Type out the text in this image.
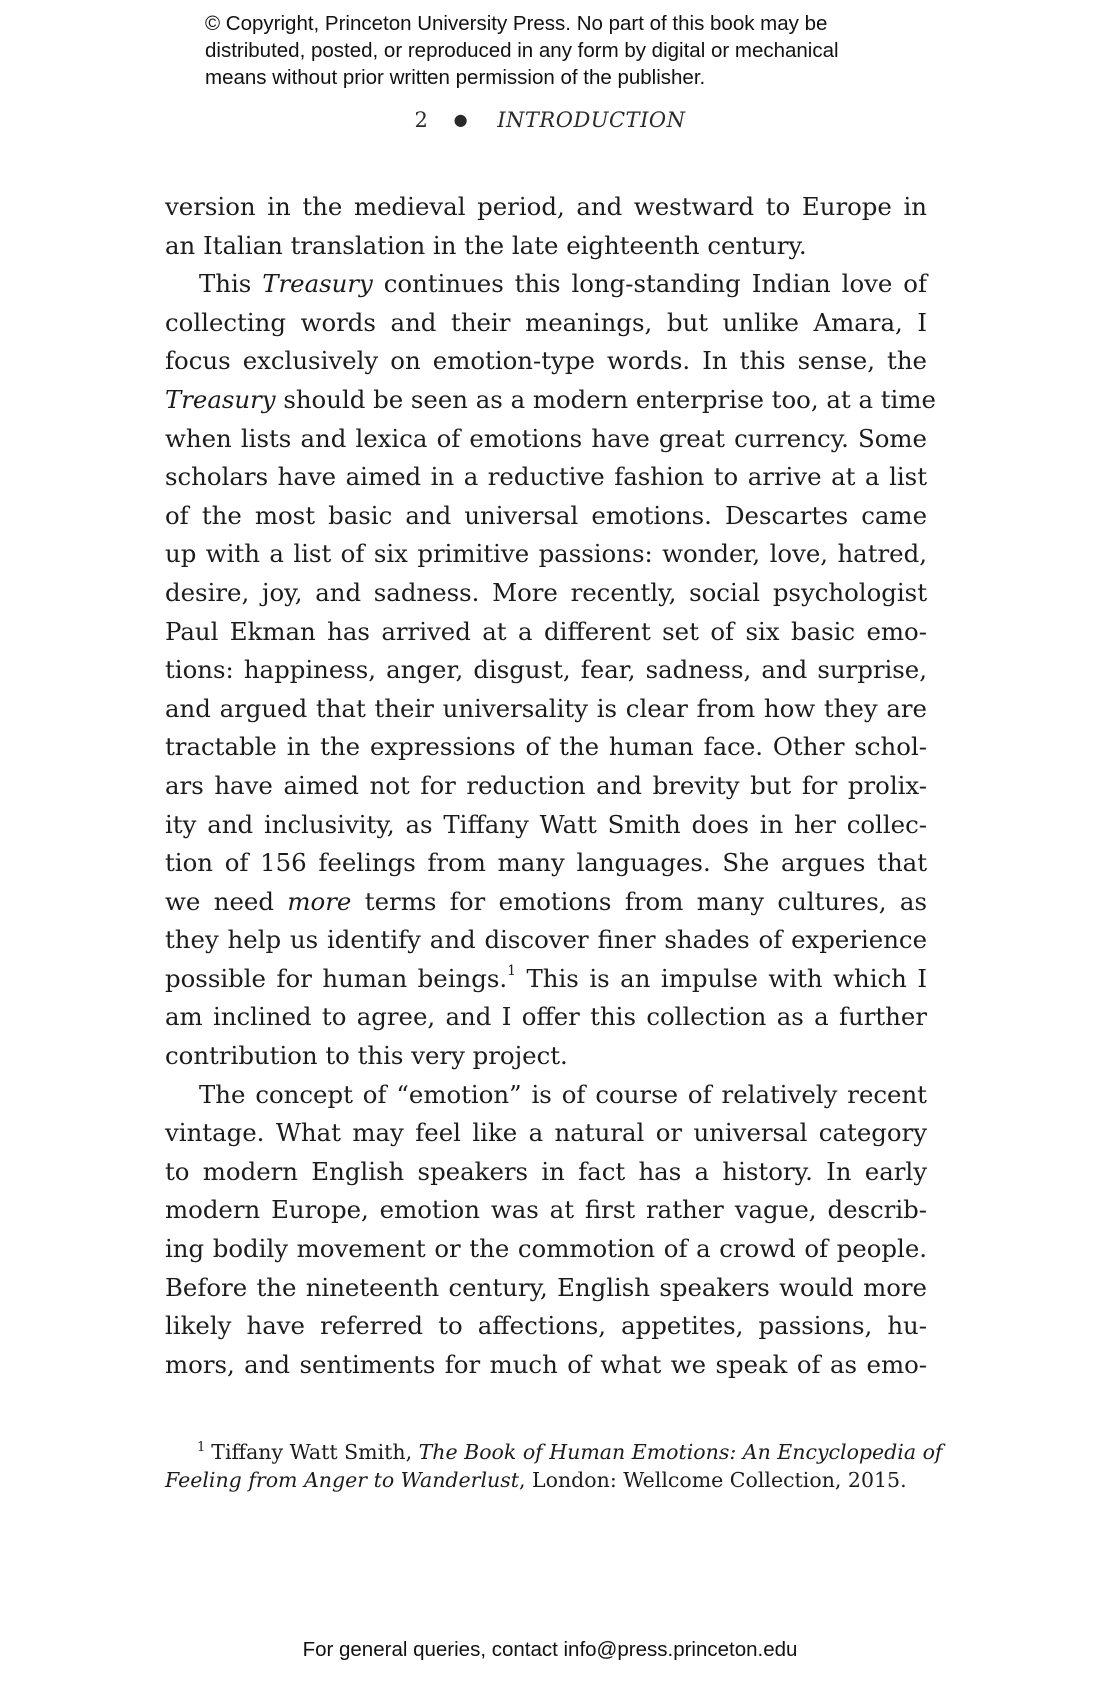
© Copyright, Princeton University Press. No part of this book may be
distributed, posted, or reproduced in any form by digital or mechanical
means without prior written permission of the publisher.
2 ● INTRODUCTION
version in the medieval period, and westward to Europe in
an Italian translation in the late eighteenth century.
This Treasury continues this long-standing Indian love of
collecting words and their meanings, but unlike Amara, I
focus exclusively on emotion-type words. In this sense, the
Treasury should be seen as a modern enterprise too, at a time
when lists and lexica of emotions have great currency. Some
scholars have aimed in a reductive fashion to arrive at a list
of the most basic and universal emotions. Descartes came
up with a list of six primitive passions: wonder, love, hatred,
desire, joy, and sadness. More recently, social psychologist
Paul Ekman has arrived at a different set of six basic emo-
tions: happiness, anger, disgust, fear, sadness, and surprise,
and argued that their universality is clear from how they are
tractable in the expressions of the human face. Other schol-
ars have aimed not for reduction and brevity but for prolix-
ity and inclusivity, as Tiffany Watt Smith does in her collec-
tion of 156 feelings from many languages. She argues that
we need more terms for emotions from many cultures, as
they help us identify and discover finer shades of experience
possible for human beings.$^1$ This is an impulse with which I
am inclined to agree, and I offer this collection as a further
contribution to this very project.
The concept of “emotion” is of course of relatively recent
vintage. What may feel like a natural or universal category
to modern English speakers in fact has a history. In early
modern Europe, emotion was at first rather vague, describ-
ing bodily movement or the commotion of a crowd of people.
Before the nineteenth century, English speakers would more
likely have referred to affections, appetites, passions, hu-
mors, and sentiments for much of what we speak of as emo-
$^1$ Tiffany Watt Smith, The Book of Human Emotions: An Encyclopedia of
Feeling from Anger to Wanderlust, London: Wellcome Collection, 2015.
For general queries, contact info@press.princeton.edu
